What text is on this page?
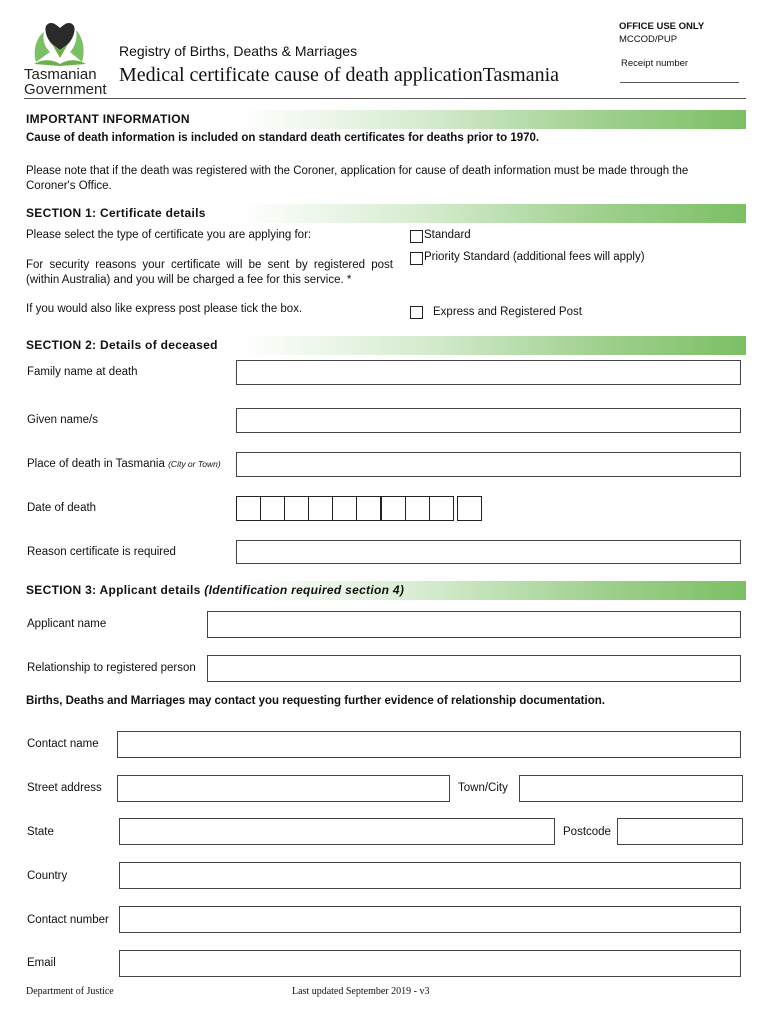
Tasmanian
Government
Registry of Births, Deaths & Marriages
Medical certificate cause of death applicationTasmania
OFFICE USE ONLY
MCCOD/PUP
Receipt number
IMPORTANT INFORMATION
Cause of death information is included on standard death certificates for deaths prior to 1970.
Please note that if the death was registered with the Coroner, application for cause of death information must be made through the Coroner's Office.
SECTION 1: Certificate details
Please select the type of certificate you are applying for:
For security reasons your certificate will be sent by registered post (within Australia) and you will be charged a fee for this service. *
If you would also like express post please tick the box.
Standard
Priority Standard (additional fees will apply)
Express and Registered Post
SECTION 2: Details of deceased
Family name at death
Given name/s
Place of death in Tasmania (City or Town)
Date of death
Reason certificate is required
SECTION 3: Applicant details (Identification required section 4)
Applicant name
Relationship to registered person
Births, Deaths and Marriages may contact you requesting further evidence of relationship documentation.
Contact name
Street address	Town/City
State	Postcode
Country
Contact number
Email
Department of Justice	Last updated September 2019 - v3
